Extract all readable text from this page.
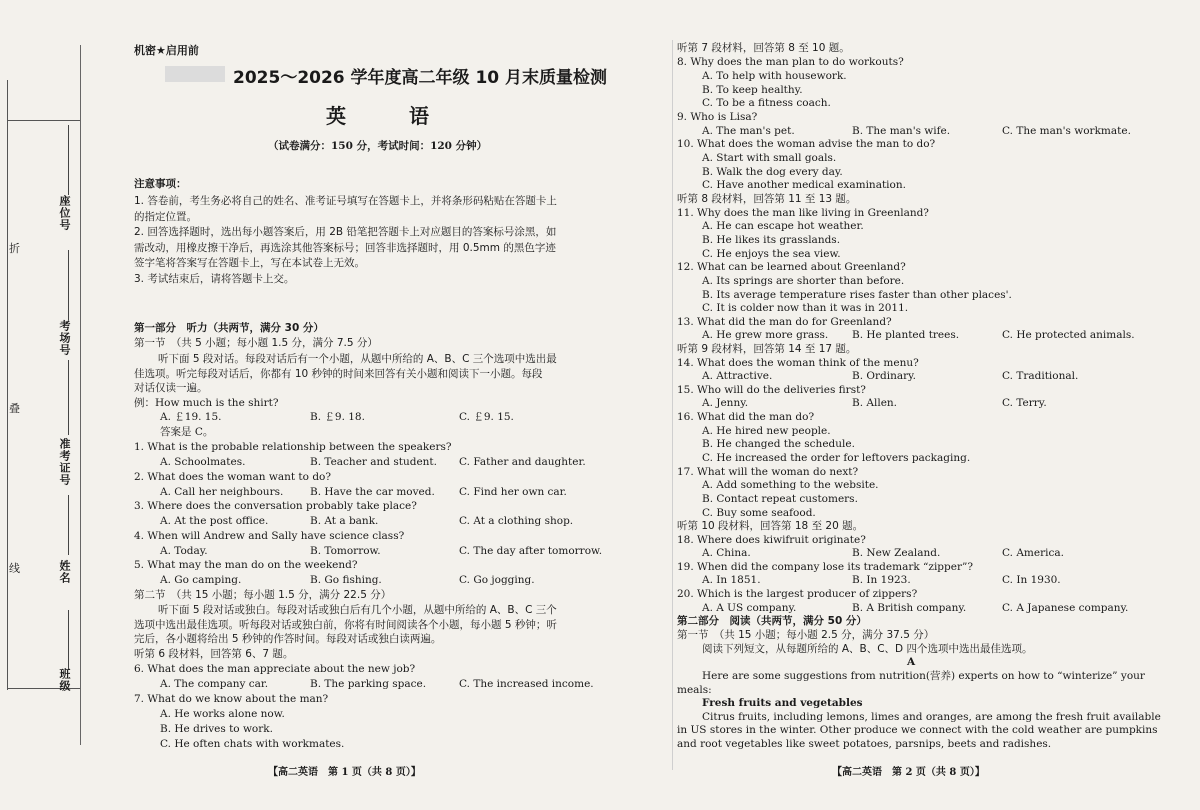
折
叠
线
座位号
考场号
准考证号
姓名
班级
机密★启用前
2025～2026 学年度高二年级 10 月末质量检测
英 语
（试卷满分：150 分，考试时间：120 分钟）
注意事项：
1. 答卷前，考生务必将自己的姓名、准考证号填写在答题卡上，并将条形码粘贴在答题卡上
的指定位置。
2. 回答选择题时，选出每小题答案后，用 2B 铅笔把答题卡上对应题目的答案标号涂黑，如
需改动，用橡皮擦干净后，再选涂其他答案标号；回答非选择题时，用 0.5mm 的黑色字迹
签字笔将答案写在答题卡上，写在本试卷上无效。
3. 考试结束后，请将答题卡上交。
第一部分　听力（共两节，满分 30 分）
第一节　（共 5 小题；每小题 1.5 分，满分 7.5 分）
听下面 5 段对话。每段对话后有一个小题，从题中所给的 A、B、C 三个选项中选出最
佳选项。听完每段对话后，你都有 10 秒钟的时间来回答有关小题和阅读下一小题。每段
对话仅读一遍。
例：How much is the shirt?
A. ￡19. 15.	B. ￡9. 18.	C. ￡9. 15.
答案是 C。
1. What is the probable relationship between the speakers?
A. Schoolmates.	B. Teacher and student. C. Father and daughter.
2. What does the woman want to do?
A. Call her neighbours.	B. Have the car moved. C. Find her own car.
3. Where does the conversation probably take place?
A. At the post office.	B. At a bank.	C. At a clothing shop.
4. When will Andrew and Sally have science class?
A. Today.	B. Tomorrow.	C. The day after tomorrow.
5. What may the man do on the weekend?
A. Go camping.	B. Go fishing.	C. Go jogging.
第二节　（共 15 小题；每小题 1.5 分，满分 22.5 分）
听下面 5 段对话或独白。每段对话或独白后有几个小题，从题中所给的 A、B、C 三个
选项中选出最佳选项。听每段对话或独白前，你将有时间阅读各个小题，每小题 5 秒钟；听
完后，各小题将给出 5 秒钟的作答时间。每段对话或独白读两遍。
听第 6 段材料，回答第 6、7 题。
6. What does the man appreciate about the new job?
A. The company car.	B. The parking space.	C. The increased income.
7. What do we know about the man?
A. He works alone now.
B. He drives to work.
C. He often chats with workmates.
【高二英语　第 1 页（共 8 页）】
听第 7 段材料，回答第 8 至 10 题。
8. Why does the man plan to do workouts?
A. To help with housework.
B. To keep healthy.
C. To be a fitness coach.
9. Who is Lisa?
A. The man's pet.	B. The man's wife.	C. The man's workmate.
10. What does the woman advise the man to do?
A. Start with small goals.
B. Walk the dog every day.
C. Have another medical examination.
听第 8 段材料，回答第 11 至 13 题。
11. Why does the man like living in Greenland?
A. He can escape hot weather.
B. He likes its grasslands.
C. He enjoys the sea view.
12. What can be learned about Greenland?
A. Its springs are shorter than before.
B. Its average temperature rises faster than other places'.
C. It is colder now than it was in 2011.
13. What did the man do for Greenland?
A. He grew more grass. B. He planted trees.	C. He protected animals.
听第 9 段材料，回答第 14 至 17 题。
14. What does the woman think of the menu?
A. Attractive.	B. Ordinary.	C. Traditional.
15. Who will do the deliveries first?
A. Jenny.	B. Allen.	C. Terry.
16. What did the man do?
A. He hired new people.
B. He changed the schedule.
C. He increased the order for leftovers packaging.
17. What will the woman do next?
A. Add something to the website.
B. Contact repeat customers.
C. Buy some seafood.
听第 10 段材料，回答第 18 至 20 题。
18. Where does kiwifruit originate?
A. China.	B. New Zealand.	C. America.
19. When did the company lose its trademark “zipper”?
A. In 1851.	B. In 1923.	C. In 1930.
20. Which is the largest producer of zippers?
A. A US company.	B. A British company.	C. A Japanese company.
第二部分　阅读（共两节，满分 50 分）
第一节　（共 15 小题；每小题 2.5 分，满分 37.5 分）
阅读下列短文，从每题所给的 A、B、C、D 四个选项中选出最佳选项。
A
Here are some suggestions from nutrition(营养) experts on how to “winterize” your
meals:
Fresh fruits and vegetables
Citrus fruits, including lemons, limes and oranges, are among the fresh fruit available
in US stores in the winter. Other produce we connect with the cold weather are pumpkins
and root vegetables like sweet potatoes, parsnips, beets and radishes.
【高二英语　第 2 页（共 8 页）】
